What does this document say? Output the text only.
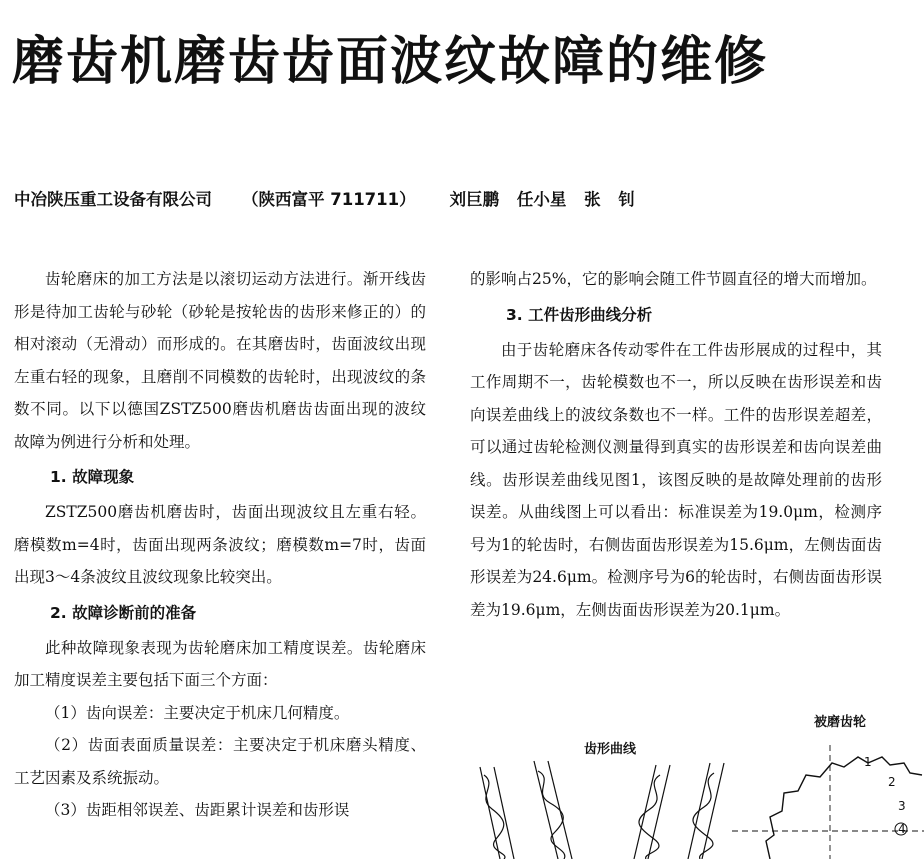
磨齿机磨齿齿面波纹故障的维修
中冶陕压重工设备有限公司 （陕西富平 711711） 刘巨鹏 任小星 张 钊

齿轮磨床的加工方法是以滚切运动方法进行。渐开线齿形是待加工齿轮与砂轮（砂轮是按轮齿的齿形来修正的）的相对滚动（无滑动）而形成的。在其磨齿时，齿面波纹出现左重右轻的现象，且磨削不同模数的齿轮时，出现波纹的条数不同。以下以德国ZSTZ500磨齿机磨齿齿面出现的波纹故障为例进行分析和处理。

1. 故障现象

ZSTZ500磨齿机磨齿时，齿面出现波纹且左重右轻。磨模数m=4时，齿面出现两条波纹；磨模数m=7时，齿面出现3～4条波纹且波纹现象比较突出。

2. 故障诊断前的准备

此种故障现象表现为齿轮磨床加工精度误差。齿轮磨床加工精度误差主要包括下面三个方面：

（1）齿向误差：主要决定于机床几何精度。

（2）齿面表面质量误差：主要决定于机床磨头精度、工艺因素及系统振动。

（3）齿距相邻误差、齿距累计误差和齿形误

的影响占25%，它的影响会随工件节圆直径的增大而增加。

3. 工件齿形曲线分析

由于齿轮磨床各传动零件在工件齿形展成的过程中，其工作周期不一，齿轮模数也不一，所以反映在齿形误差和齿向误差曲线上的波纹条数也不一样。工件的齿形误差超差，可以通过齿轮检测仪测量得到真实的齿形误差和齿向误差曲线。齿形误差曲线见图1，该图反映的是故障处理前的齿形误差。从曲线图上可以看出：标准误差为19.0μm，检测序号为1的轮齿时，右侧齿面齿形误差为15.6μm，左侧齿面齿形误差为24.6μm。检测序号为6的轮齿时，右侧齿面齿形误差为19.6μm，左侧齿面齿形误差为20.1μm。

齿形曲线
被磨齿轮
1
2
3
4
